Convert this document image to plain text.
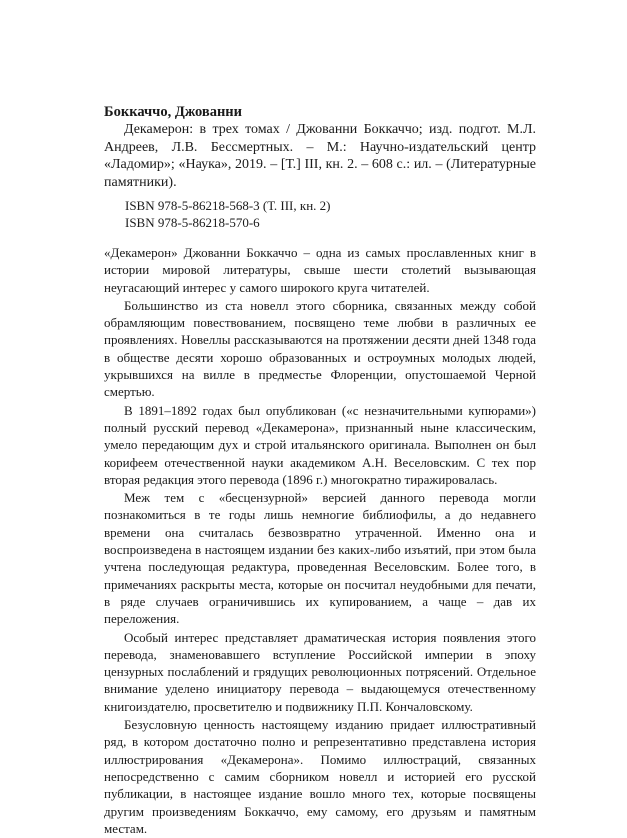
Боккаччо, Джованни

Декамерон: в трех томах / Джованни Боккаччо; изд. подгот. М.Л. Андреев, Л.В. Бессмертных. – М.: Научно-издательский центр «Ладомир»; «Наука», 2019. – [Т.] III, кн. 2. – 608 с.: ил. – (Литературные памятники).

ISBN 978-5-86218-568-3 (Т. III, кн. 2)
ISBN 978-5-86218-570-6

«Декамерон» Джованни Боккаччо – одна из самых прославленных книг в истории мировой литературы, свыше шести столетий вызывающая неугасающий интерес у самого широкого круга читателей.

Большинство из ста новелл этого сборника, связанных между собой обрамляющим повествованием, посвящено теме любви в различных ее проявлениях. Новеллы рассказываются на протяжении десяти дней 1348 года в обществе десяти хорошо образованных и остроумных молодых людей, укрывшихся на вилле в предместье Флоренции, опустошаемой Черной смертью.

В 1891–1892 годах был опубликован («с незначительными купюрами») полный русский перевод «Декамерона», признанный ныне классическим, умело передающим дух и строй итальянского оригинала. Выполнен он был корифеем отечественной науки академиком А.Н. Веселовским. С тех пор вторая редакция этого перевода (1896 г.) многократно тиражировалась.

Меж тем с «бесцензурной» версией данного перевода могли познакомиться в те годы лишь немногие библиофилы, а до недавнего времени она считалась безвозвратно утраченной. Именно она и воспроизведена в настоящем издании без каких-либо изъятий, при этом была учтена последующая редактура, проведенная Веселовским. Более того, в примечаниях раскрыты места, которые он посчитал неудобными для печати, в ряде случаев ограничившись их купированием, а чаще – дав их переложения.

Особый интерес представляет драматическая история появления этого перевода, знаменовавшего вступление Российской империи в эпоху цензурных послаблений и грядущих революционных потрясений. Отдельное внимание уделено инициатору перевода – выдающемуся отечественному книгоиздателю, просветителю и подвижнику П.П. Кончаловскому.

Безусловную ценность настоящему изданию придает иллюстративный ряд, в котором достаточно полно и репрезентативно представлена история иллюстрирования «Декамерона». Помимо иллюстраций, связанных непосредственно с самим сборником новелл и историей его русской публикации, в настоящее издание вошло много тех, которые посвящены другим произведениям Боккаччо, ему самому, его друзьям и памятным местам.
